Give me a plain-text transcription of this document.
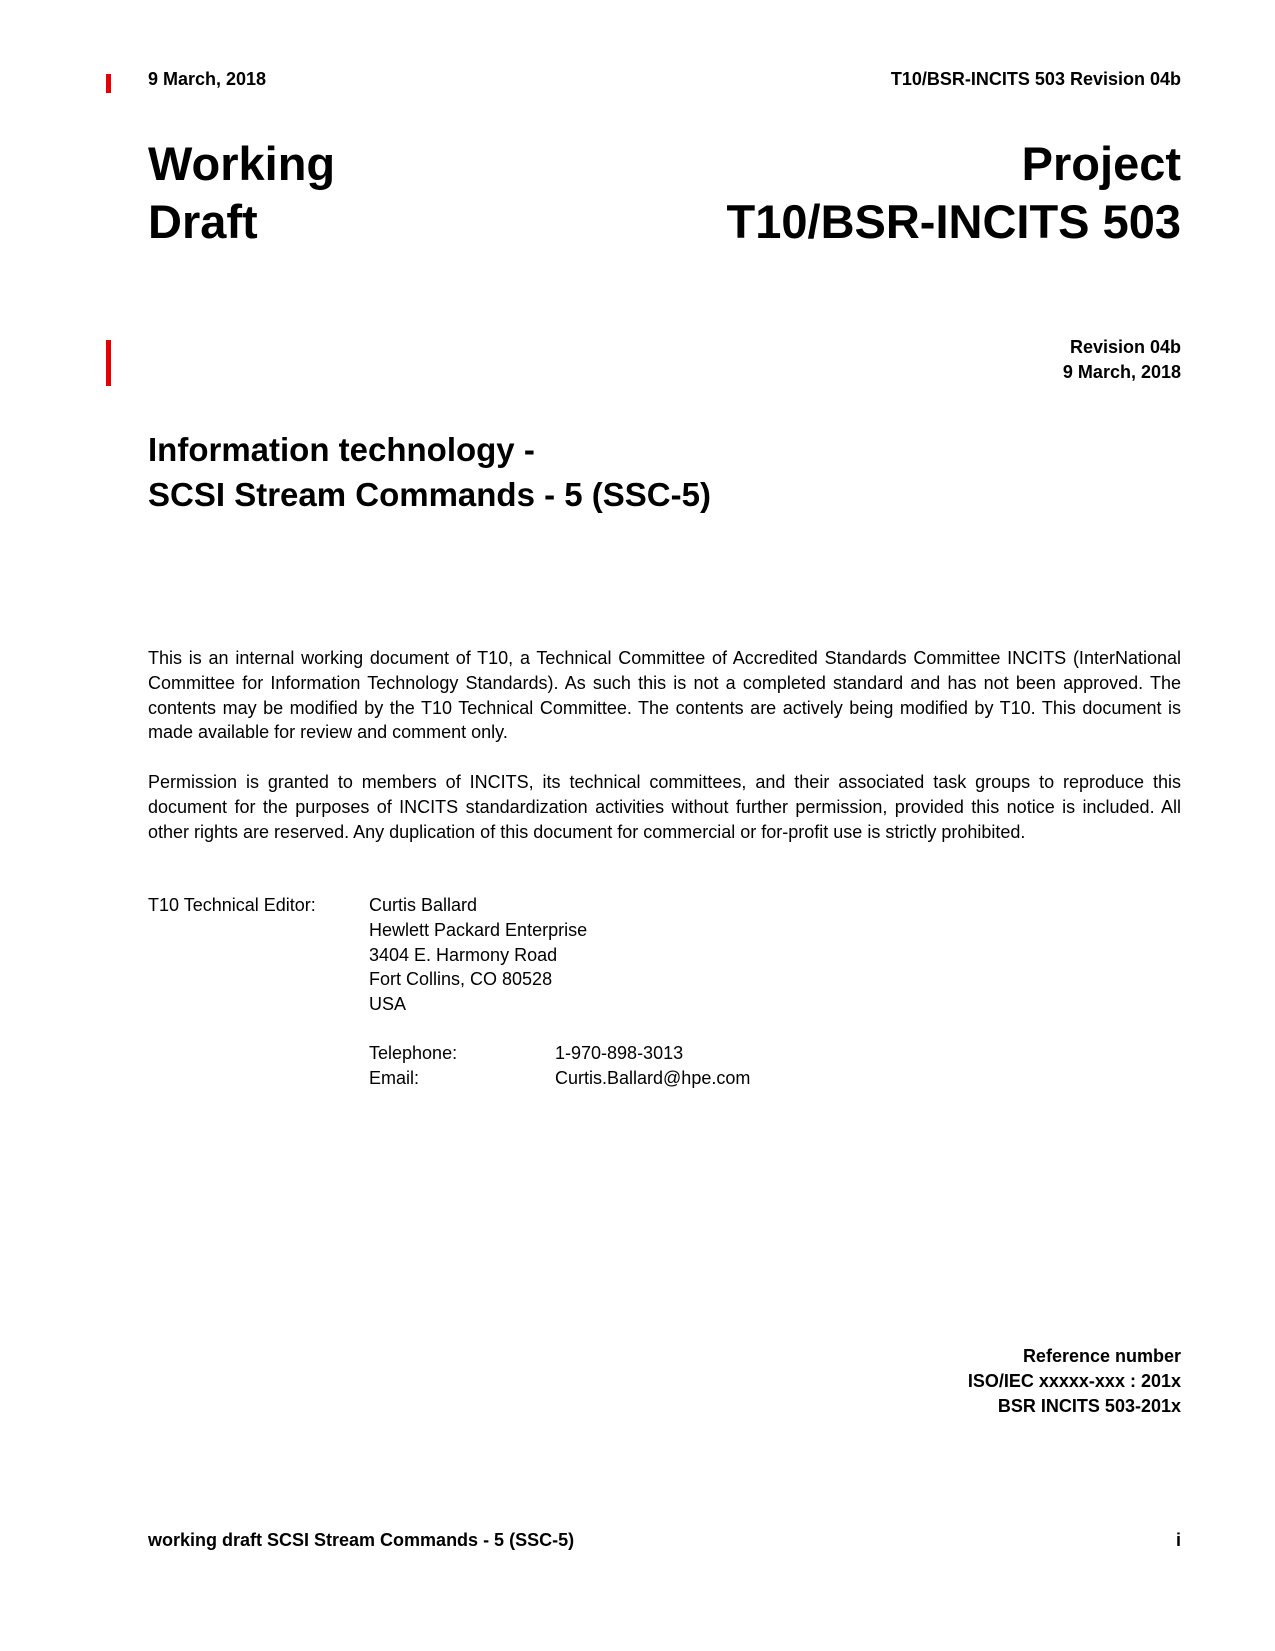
9 March, 2018	T10/BSR-INCITS 503 Revision 04b
Working
Draft
Project
T10/BSR-INCITS 503
Revision 04b
9 March, 2018
Information technology -
SCSI Stream Commands - 5 (SSC-5)
This is an internal working document of T10, a Technical Committee of Accredited Standards Committee INCITS (InterNational Committee for Information Technology Standards). As such this is not a completed standard and has not been approved. The contents may be modified by the T10 Technical Committee. The contents are actively being modified by T10. This document is made available for review and comment only.
Permission is granted to members of INCITS, its technical committees, and their associated task groups to reproduce this document for the purposes of INCITS standardization activities without further permission, provided this notice is included. All other rights are reserved. Any duplication of this document for commercial or for-profit use is strictly prohibited.
T10 Technical Editor:	Curtis Ballard
Hewlett Packard Enterprise
3404 E. Harmony Road
Fort Collins, CO 80528
USA
Telephone:	1-970-898-3013
Email:	Curtis.Ballard@hpe.com
Reference number
ISO/IEC xxxxx-xxx : 201x
BSR INCITS 503-201x
working draft SCSI Stream Commands - 5 (SSC-5)	i
